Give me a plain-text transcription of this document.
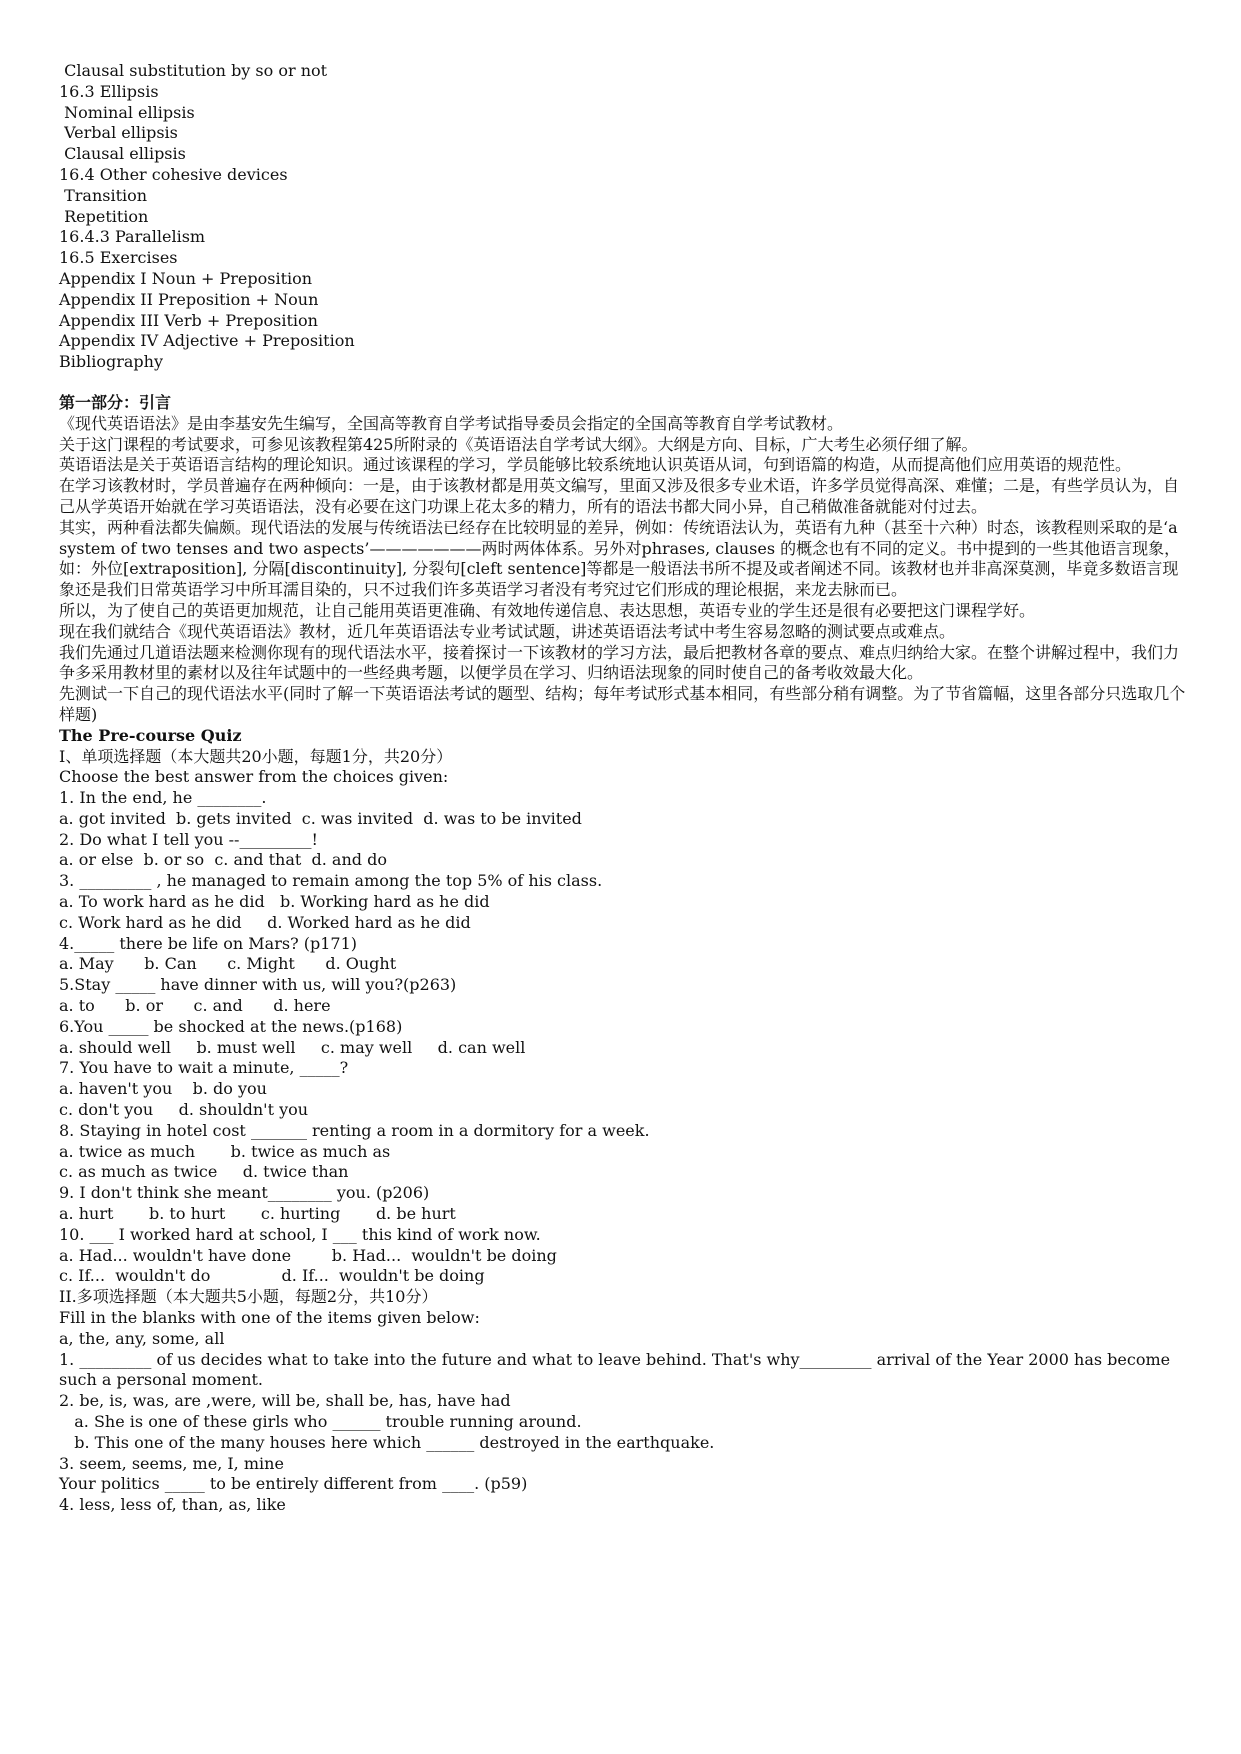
Clausal substitution by so or not
16.3 Ellipsis
Nominal ellipsis
Verbal ellipsis
Clausal ellipsis
16.4 Other cohesive devices
Transition
Repetition
16.4.3 Parallelism
16.5 Exercises
Appendix I Noun + Preposition
Appendix II Preposition + Noun
Appendix III Verb + Preposition
Appendix IV Adjective + Preposition
Bibliography
第一部分：引言
《现代英语语法》是由李基安先生编写，全国高等教育自学考试指导委员会指定的全国高等教育自学考试教材。
关于这门课程的考试要求，可参见该教程第425所附录的《英语语法自学考试大纲》。大纲是方向、目标，广大考生必须仔细了解。
英语语法是关于英语语言结构的理论知识。通过该课程的学习，学员能够比较系统地认识英语从词，句到语篇的构造，从而提高他们应用英语的规范性。
在学习该教材时，学员普遍存在两种倾向：一是，由于该教材都是用英文编写，里面又涉及很多专业术语，许多学员觉得高深、难懂；二是，有些学员认为，自己从学英语开始就在学习英语语法，没有必要在这门功课上花太多的精力，所有的语法书都大同小异，自己稍做准备就能对付过去。
其实，两种看法都失偏颇。现代语法的发展与传统语法已经存在比较明显的差异，例如：传统语法认为，英语有九种（甚至十六种）时态，该教程则采取的是‘a system of two tenses and two aspects’———————两时两体体系。另外对phrases, clauses 的概念也有不同的定义。书中提到的一些其他语言现象，如：外位[extraposition], 分隔[discontinuity], 分裂句[cleft sentence]等都是一般语法书所不提及或者阐述不同。该教材也并非高深莫测，毕竟多数语言现象还是我们日常英语学习中所耳濡目染的，只不过我们许多英语学习者没有考究过它们形成的理论根据，来龙去脉而已。
所以，为了使自己的英语更加规范，让自己能用英语更准确、有效地传递信息、表达思想，英语专业的学生还是很有必要把这门课程学好。
现在我们就结合《现代英语语法》教材，近几年英语语法专业考试试题，讲述英语语法考试中考生容易忽略的测试要点或难点。
我们先通过几道语法题来检测你现有的现代语法水平，接着探讨一下该教材的学习方法，最后把教材各章的要点、难点归纳给大家。在整个讲解过程中，我们力争多采用教材里的素材以及往年试题中的一些经典考题，以便学员在学习、归纳语法现象的同时使自己的备考收效最大化。
先测试一下自己的现代语法水平(同时了解一下英语语法考试的题型、结构；每年考试形式基本相同，有些部分稍有调整。为了节省篇幅，这里各部分只选取几个样题)
The Pre-course Quiz
I、单项选择题（本大题共20小题，每题1分，共20分）
Choose the best answer from the choices given:
1. In the end, he ________.
a. got invited  b. gets invited  c. was invited  d. was to be invited
2. Do what I tell you --_________!
a. or else  b. or so  c. and that  d. and do
3. _________ , he managed to remain among the top 5% of his class.
a. To work hard as he did   b. Working hard as he did
c. Work hard as he did     d. Worked hard as he did
4._____ there be life on Mars? (p171)
a. May      b. Can      c. Might      d. Ought
5.Stay _____ have dinner with us, will you?(p263)
a. to      b. or      c. and      d. here
6.You _____ be shocked at the news.(p168)
a. should well     b. must well     c. may well     d. can well
7. You have to wait a minute, _____?
a. haven't you    b. do you
c. don't you     d. shouldn't you
8. Staying in hotel cost _______ renting a room in a dormitory for a week.
a. twice as much       b. twice as much as
c. as much as twice     d. twice than
9. I don't think she meant________ you. (p206)
a. hurt       b. to hurt       c. hurting       d. be hurt
10. ___ I worked hard at school, I ___ this kind of work now.
a. Had... wouldn't have done        b. Had...  wouldn't be doing
c. If...  wouldn't do              d. If...  wouldn't be doing
II.多项选择题（本大题共5小题，每题2分，共10分）
Fill in the blanks with one of the items given below:
a, the, any, some, all
1. _________ of us decides what to take into the future and what to leave behind. That's why_________ arrival of the Year 2000 has become such a personal moment.
2. be, is, was, are ,were, will be, shall be, has, have had
a. She is one of these girls who ______ trouble running around.
b. This one of the many houses here which ______ destroyed in the earthquake.
3. seem, seems, me, I, mine
Your politics _____ to be entirely different from ____. (p59)
4. less, less of, than, as, like
